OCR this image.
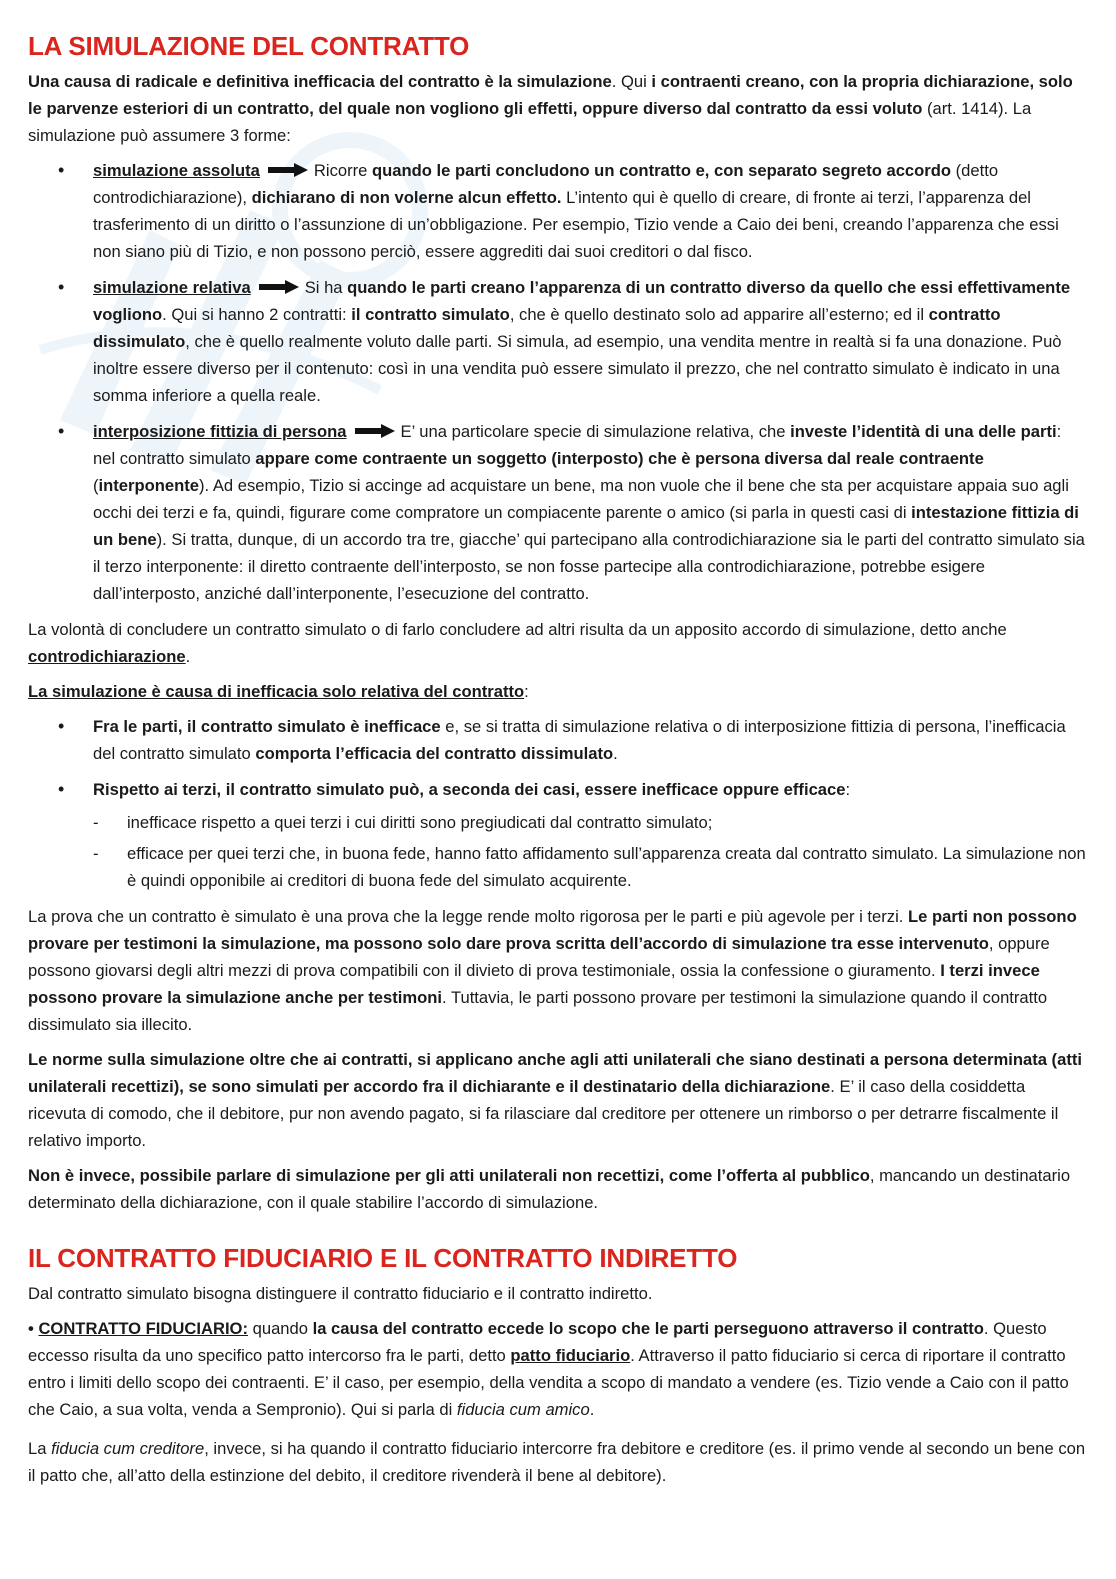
LA SIMULAZIONE DEL CONTRATTO

Una causa di radicale e definitiva inefficacia del contratto è la simulazione. Qui i contraenti creano, con la propria dichiarazione, solo le parvenze esteriori di un contratto, del quale non vogliono gli effetti, oppure diverso dal contratto da essi voluto (art. 1414). La simulazione può assumere 3 forme:

• simulazione assoluta	Ricorre quando le parti concludono un contratto e, con separato segreto accordo (detto controdichiarazione), dichiarano di non volerne alcun effetto. L’intento qui è quello di creare, di fronte ai terzi, l’apparenza del trasferimento di un diritto o l’assunzione di un’obbligazione. Per esempio, Tizio vende a Caio dei beni, creando l’apparenza che essi non siano più di Tizio, e non possono perciò, essere aggrediti dai suoi creditori o dal fisco.
• simulazione relativa	Si ha quando le parti creano l’apparenza di un contratto diverso da quello che essi effettivamente vogliono. Qui si hanno 2 contratti: il contratto simulato, che è quello destinato solo ad apparire all’esterno; ed il contratto dissimulato, che è quello realmente voluto dalle parti. Si simula, ad esempio, una vendita mentre in realtà si fa una donazione. Può inoltre essere diverso per il contenuto: così in una vendita può essere simulato il prezzo, che nel contratto simulato è indicato in una somma inferiore a quella reale.
• interposizione fittizia di persona	E’ una particolare specie di simulazione relativa, che investe l’identità di una delle parti: nel contratto simulato appare come contraente un soggetto (interposto) che è persona diversa dal reale contraente (interponente). Ad esempio, Tizio si accinge ad acquistare un bene, ma non vuole che il bene che sta per acquistare appaia suo agli occhi dei terzi e fa, quindi, figurare come compratore un compiacente parente o amico (si parla in questi casi di intestazione fittizia di un bene). Si tratta, dunque, di un accordo tra tre, giacche’ qui partecipano alla controdichiarazione sia le parti del contratto simulato sia il terzo interponente: il diretto contraente dell’interposto, se non fosse partecipe alla controdichiarazione, potrebbe esigere dall’interposto, anziché dall’interponente, l’esecuzione del contratto.

La volontà di concludere un contratto simulato o di farlo concludere ad altri risulta da un apposito accordo di simulazione, detto anche controdichiarazione.

La simulazione è causa di inefficacia solo relativa del contratto:

• Fra le parti, il contratto simulato è inefficace e, se si tratta di simulazione relativa o di interposizione fittizia di persona, l’inefficacia del contratto simulato comporta l’efficacia del contratto dissimulato.
• Rispetto ai terzi, il contratto simulato può, a seconda dei casi, essere inefficace oppure efficace:
- inefficace rispetto a quei terzi i cui diritti sono pregiudicati dal contratto simulato;
- efficace per quei terzi che, in buona fede, hanno fatto affidamento sull’apparenza creata dal contratto simulato. La simulazione non è quindi opponibile ai creditori di buona fede del simulato acquirente.

La prova che un contratto è simulato è una prova che la legge rende molto rigorosa per le parti e più agevole per i terzi. Le parti non possono provare per testimoni la simulazione, ma possono solo dare prova scritta dell’accordo di simulazione tra esse intervenuto, oppure possono giovarsi degli altri mezzi di prova compatibili con il divieto di prova testimoniale, ossia la confessione o giuramento. I terzi invece possono provare la simulazione anche per testimoni. Tuttavia, le parti possono provare per testimoni la simulazione quando il contratto dissimulato sia illecito.

Le norme sulla simulazione oltre che ai contratti, si applicano anche agli atti unilaterali che siano destinati a persona determinata (atti unilaterali recettizi), se sono simulati per accordo fra il dichiarante e il destinatario della dichiarazione. E’ il caso della cosiddetta ricevuta di comodo, che il debitore, pur non avendo pagato, si fa rilasciare dal creditore per ottenere un rimborso o per detrarre fiscalmente il relativo importo.

Non è invece, possibile parlare di simulazione per gli atti unilaterali non recettizi, come l’offerta al pubblico, mancando un destinatario determinato della dichiarazione, con il quale stabilire l’accordo di simulazione.

IL CONTRATTO FIDUCIARIO E IL CONTRATTO INDIRETTO

Dal contratto simulato bisogna distinguere il contratto fiduciario e il contratto indiretto.

• CONTRATTO FIDUCIARIO: quando la causa del contratto eccede lo scopo che le parti perseguono attraverso il contratto. Questo eccesso risulta da uno specifico patto intercorso fra le parti, detto patto fiduciario. Attraverso il patto fiduciario si cerca di riportare il contratto entro i limiti dello scopo dei contraenti. E’ il caso, per esempio, della vendita a scopo di mandato a vendere (es. Tizio vende a Caio con il patto che Caio, a sua volta, venda a Sempronio). Qui si parla di fiducia cum amico.

La fiducia cum creditore, invece, si ha quando il contratto fiduciario intercorre fra debitore e creditore (es. il primo vende al secondo un bene con il patto che, all’atto della estinzione del debito, il creditore rivenderà il bene al debitore).
